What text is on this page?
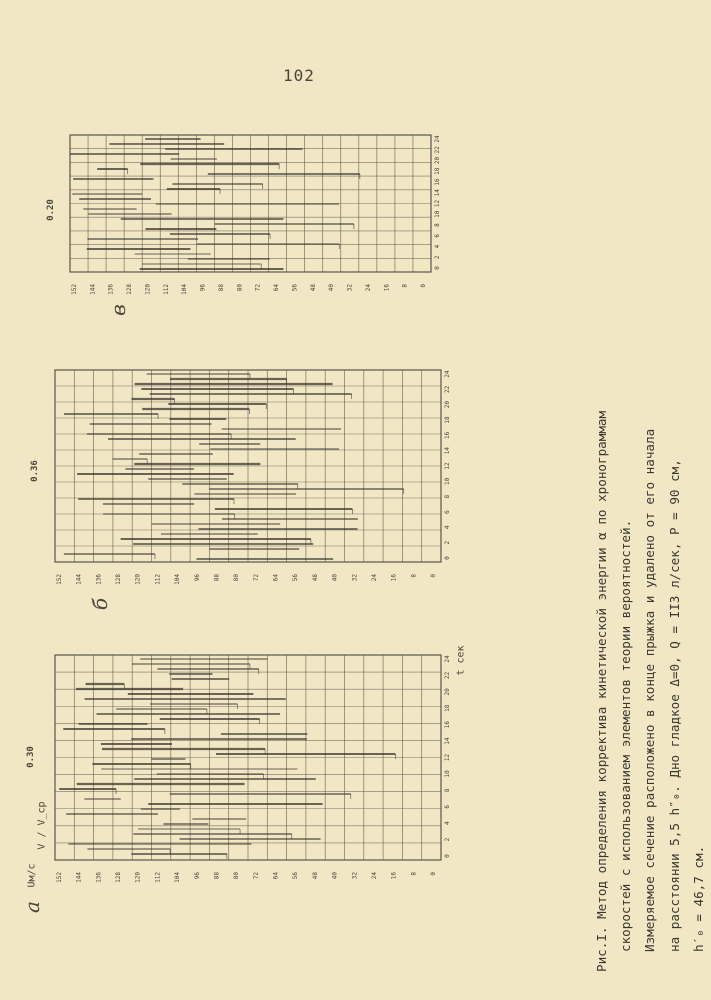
102
152 144 136 128 120 112 104 96 88 80 72 64 56 48 40 32 24 16 8 0
0
2
4
6
8
10
12
14
16
18
20
22
24
а
0.30
Uм/с
V / V_cp
t сек
152 144 136 128 120 112 104 96 88 80 72 64 56 48 40 32 24 16 8 0
0
2
4
6
8
10
12
14
16
18
20
22
24
б
0.36
152 144 136 128 120 112 104 96 88 80 72 64 56 48 40 32 24 16 8 0
0
2
4
6
8
10
12
14
16
18
20
22
24
в
0.20
Рис.I. Метод определения корректива кинетической энергии α по хронограммам скоростей с использованием элементов теории вероятностей. Измеряемое сечение расположено в конце прыжка и удалено от его начала на расстоянии 5,5 h″₀. Дно гладкое Δ=0, Q = II3 л/сек, P = 90 см, h′₀ = 46,7 см.
